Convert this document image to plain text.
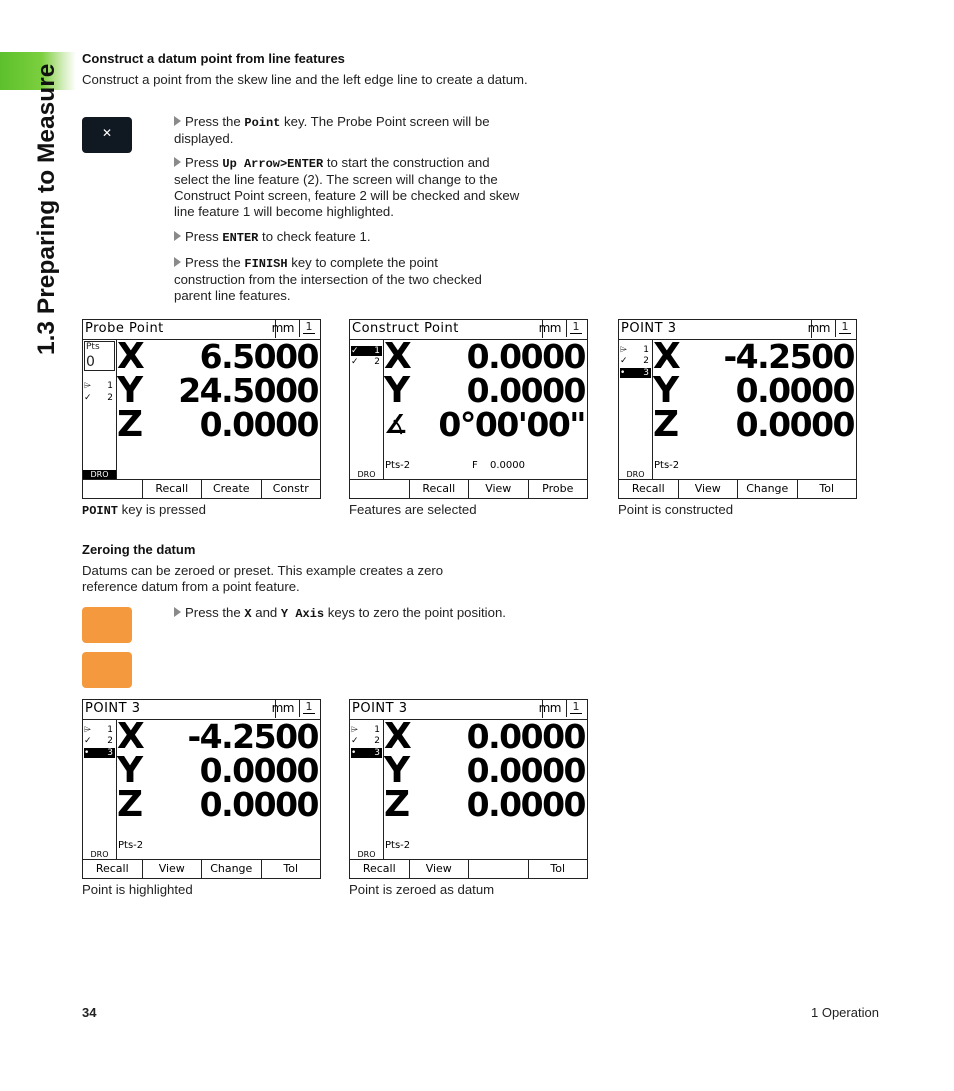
1.3 Preparing to Measure
Construct a datum point from line features
Construct a point from the skew line and the left edge line to create a datum.
✕
Press the Point key. The Probe Point screen will be displayed.
Press Up Arrow>ENTER to start the construction and select the line feature (2). The screen will change to the Construct Point screen, feature 2 will be checked and skew line feature 1 will become highlighted.
Press ENTER to check feature 1.
Press the FINISH key to complete the point construction from the intersection of the two checked parent line features.
Probe Point	mm	1
Pts
0
⌲ 1
✓ 2
DRO
X
Y
Z
6.5000
24.5000
0.0000
Recall	Create	Constr
POINT key is pressed
Construct Point	mm	1
✓ 1
✓ 2
DRO
X
Y
∡
0.0000
0.0000
0°00'00"
Pts-2	F 0.0000
Recall	View	Probe
Features are selected
POINT 3	mm	1
⌲ 1
✓ 2
• 3
DRO
X
Y
Z
-4.2500
0.0000
0.0000
Pts-2
Recall	View	Change	Tol
Point is constructed
Zeroing the datum
Datums can be zeroed or preset. This example creates a zero reference datum from a point feature.
Press the X and Y Axis keys to zero the point position.
POINT 3	mm	1
⌲ 1
✓ 2
• 3
DRO
X
Y
Z
-4.2500
0.0000
0.0000
Pts-2
Recall	View	Change	Tol
Point is highlighted
POINT 3	mm	1
⌲ 1
✓ 2
• 3
DRO
X
Y
Z
0.0000
0.0000
0.0000
Pts-2
Recall	View	Tol
Point is zeroed as datum
34	1 Operation
